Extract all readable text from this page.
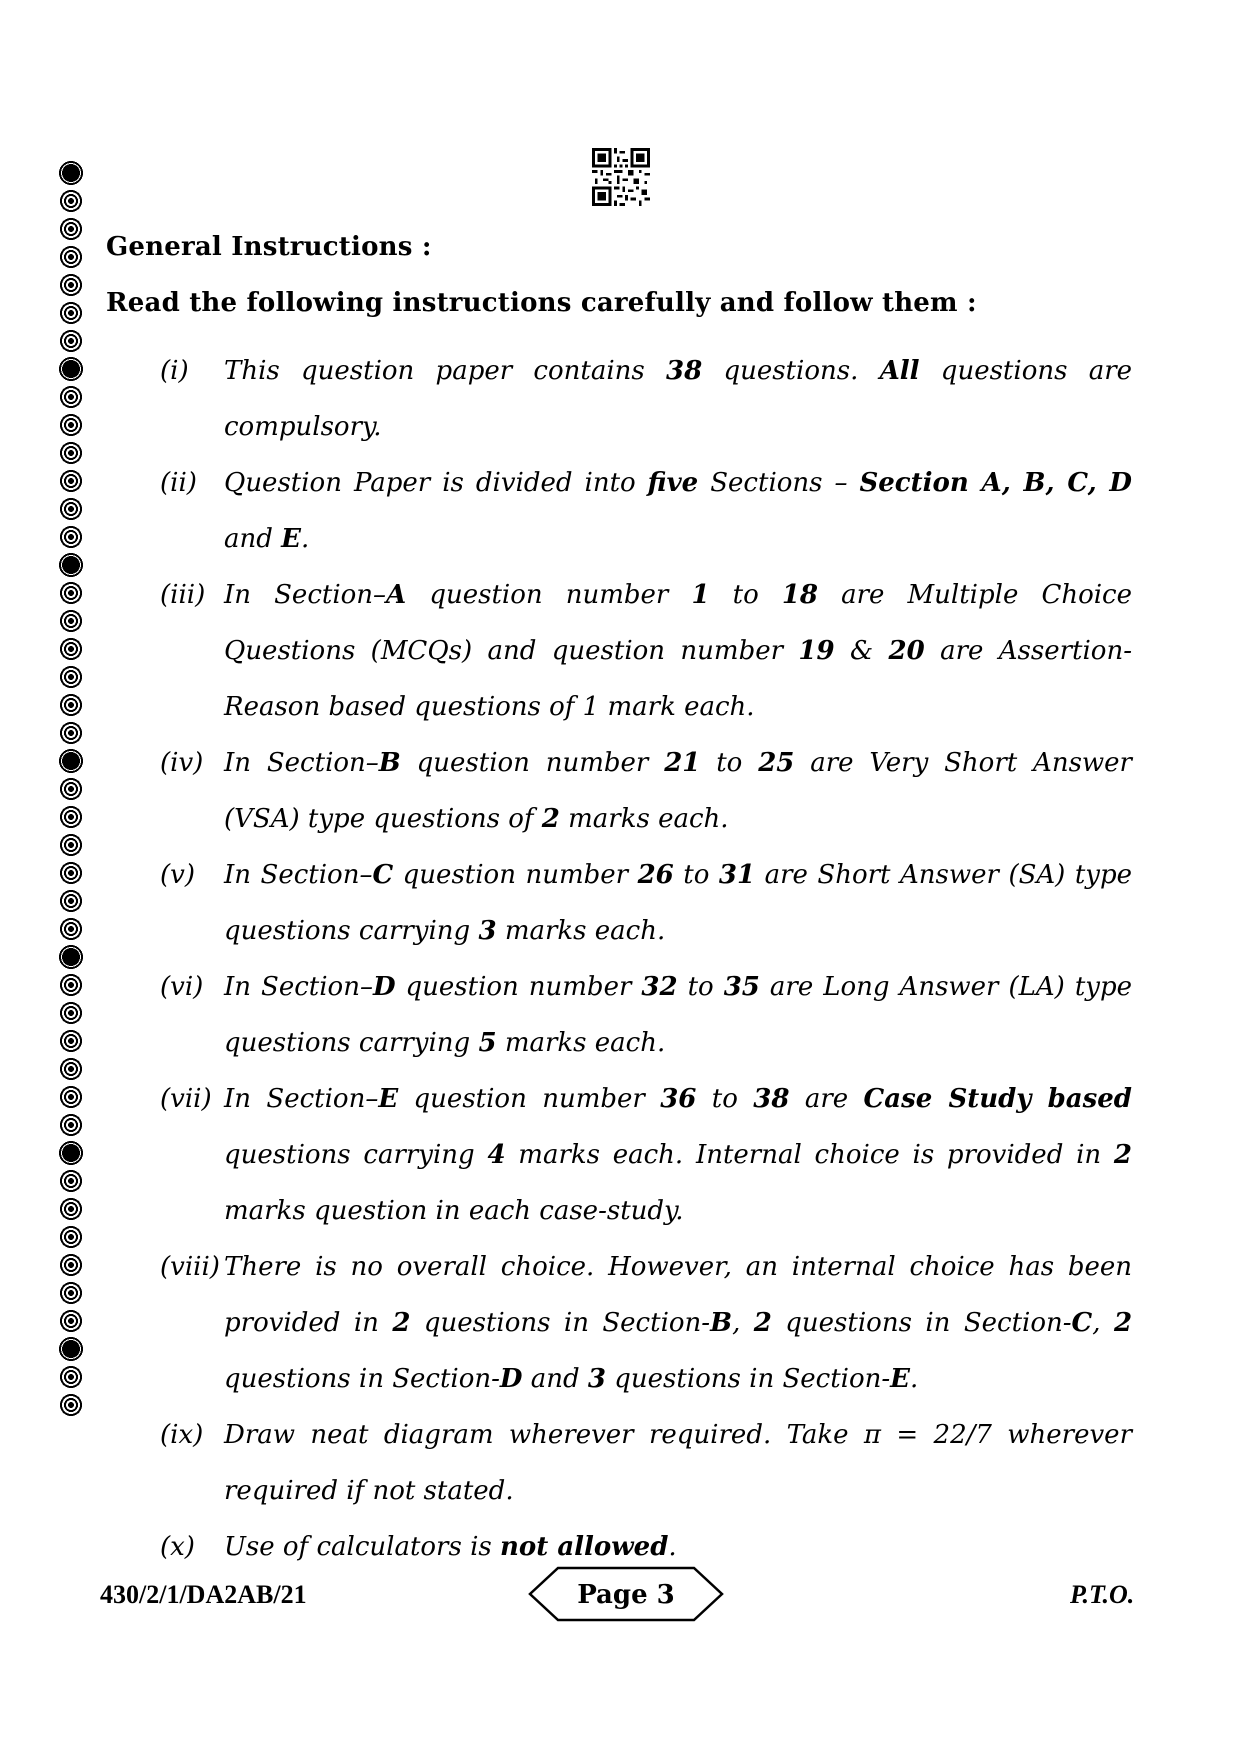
General Instructions :
Read the following instructions carefully and follow them :
(i)	This question paper contains 38 questions. All questions are compulsory.
(ii)	Question Paper is divided into five Sections – Section A, B, C, D and E.
(iii) In Section–A question number 1 to 18 are Multiple Choice Questions (MCQs) and question number 19 & 20 are Assertion-Reason based questions of 1 mark each.
(iv) In Section–B question number 21 to 25 are Very Short Answer (VSA) type questions of 2 marks each.
(v)	In Section–C question number 26 to 31 are Short Answer (SA) type questions carrying 3 marks each.
(vi) In Section–D question number 32 to 35 are Long Answer (LA) type questions carrying 5 marks each.
(vii) In Section–E question number 36 to 38 are Case Study based questions carrying 4 marks each. Internal choice is provided in 2 marks question in each case-study.
(viii) There is no overall choice. However, an internal choice has been provided in 2 questions in Section-B, 2 questions in Section-C, 2 questions in Section-D and 3 questions in Section-E.
(ix) Draw neat diagram wherever required. Take π = 22/7 wherever required if not stated.
(x)	Use of calculators is not allowed.
430/2/1/DA2AB/21	Page 3	P.T.O.
